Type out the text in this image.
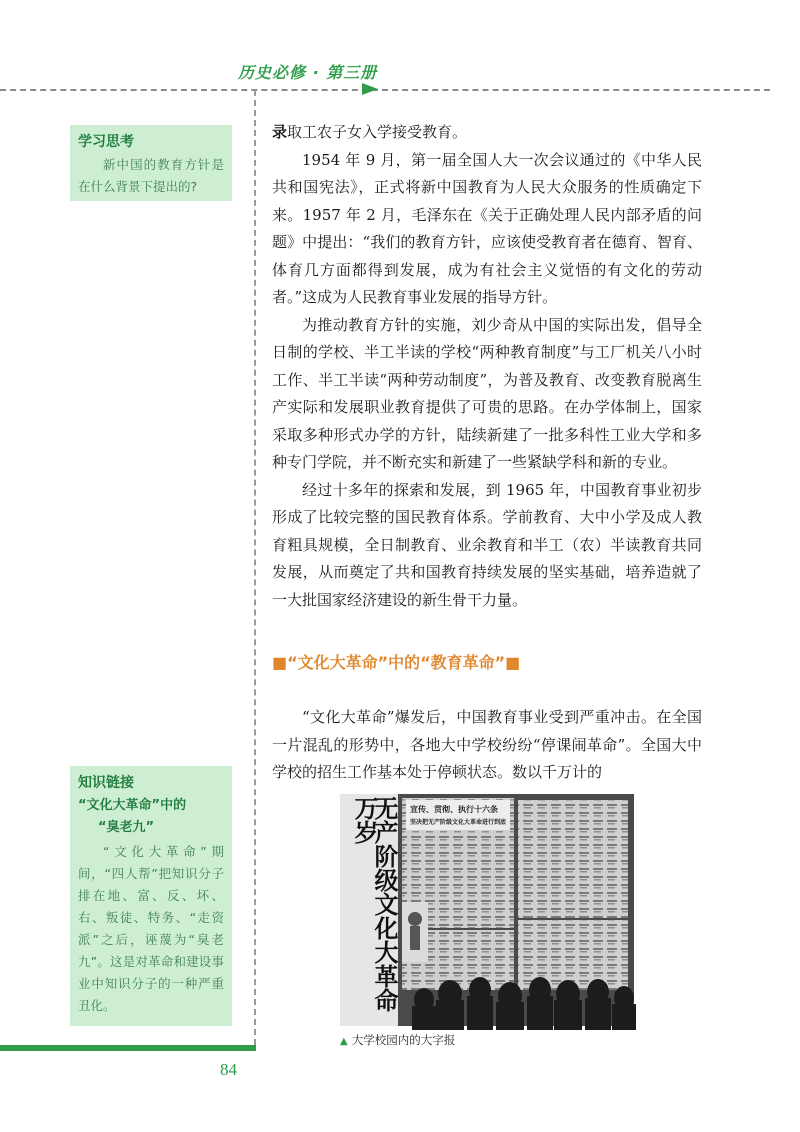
历史必修 · 第三册
学习思考
新中国的教育方针是在什么背景下提出的?

录取工农子女入学接受教育。

1954 年 9 月，第一届全国人大一次会议通过的《中华人民共和国宪法》，正式将新中国教育为人民大众服务的性质确定下来。1957 年 2 月，毛泽东在《关于正确处理人民内部矛盾的问题》中提出：“我们的教育方针，应该使受教育者在德育、智育、体育几方面都得到发展，成为有社会主义觉悟的有文化的劳动者。”这成为人民教育事业发展的指导方针。

为推动教育方针的实施，刘少奇从中国的实际出发，倡导全日制的学校、半工半读的学校“两种教育制度”与工厂机关八小时工作、半工半读“两种劳动制度”，为普及教育、改变教育脱离生产实际和发展职业教育提供了可贵的思路。在办学体制上，国家采取多种形式办学的方针，陆续新建了一批多科性工业大学和多种专门学院，并不断充实和新建了一些紧缺学科和新的专业。

经过十多年的探索和发展，到 1965 年，中国教育事业初步形成了比较完整的国民教育体系。学前教育、大中小学及成人教育粗具规模，全日制教育、业余教育和半工（农）半读教育共同发展，从而奠定了共和国教育持续发展的坚实基础，培养造就了一大批国家经济建设的新生骨干力量。

■“文化大革命”中的“教育革命”■

“文化大革命”爆发后，中国教育事业受到严重冲击。在全国一片混乱的形势中，各地大中学校纷纷“停课闹革命”。全国大中学校的招生工作基本处于停顿状态。数以千万计的

知识链接
“文化大革命”中的
“臭老九”
“文化大革命”期间，“四人帮”把知识分子排在地、富、反、坏、右、叛徒、特务、“走资派”之后，诬蔑为“臭老九”。这是对革命和建设事业中知识分子的一种严重丑化。
宣传、贯彻、执行十六条
坚决把无产阶级文化大革命进行到底
无产阶级文化大革命万岁
▲ 大学校园内的大字报
84
